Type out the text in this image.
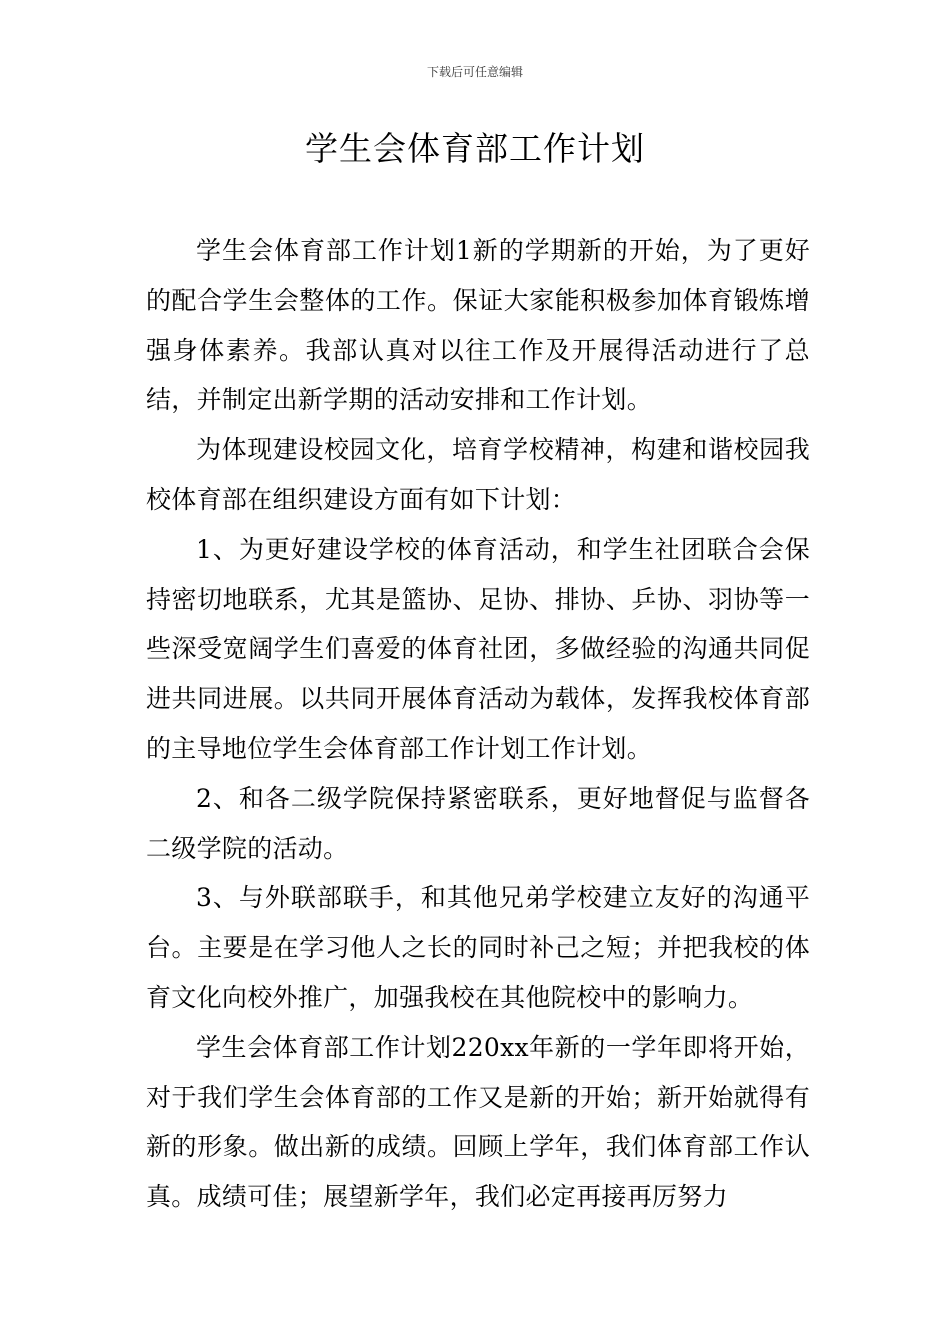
下载后可任意编辑
学生会体育部工作计划

学生会体育部工作计划1新的学期新的开始，为了更好的配合学生会整体的工作。保证大家能积极参加体育锻炼增强身体素养。我部认真对以往工作及开展得活动进行了总结，并制定出新学期的活动安排和工作计划。

为体现建设校园文化，培育学校精神，构建和谐校园我校体育部在组织建设方面有如下计划：

1、为更好建设学校的体育活动，和学生社团联合会保持密切地联系，尤其是篮协、足协、排协、乒协、羽协等一些深受宽阔学生们喜爱的体育社团，多做经验的沟通共同促进共同进展。以共同开展体育活动为载体，发挥我校体育部的主导地位学生会体育部工作计划工作计划。

2、和各二级学院保持紧密联系，更好地督促与监督各二级学院的活动。

3、与外联部联手，和其他兄弟学校建立友好的沟通平台。主要是在学习他人之长的同时补己之短；并把我校的体育文化向校外推广，加强我校在其他院校中的影响力。

学生会体育部工作计划220xx年新的一学年即将开始，对于我们学生会体育部的工作又是新的开始；新开始就得有新的形象。做出新的成绩。回顾上学年，我们体育部工作认真。成绩可佳；展望新学年，我们必定再接再厉努力
